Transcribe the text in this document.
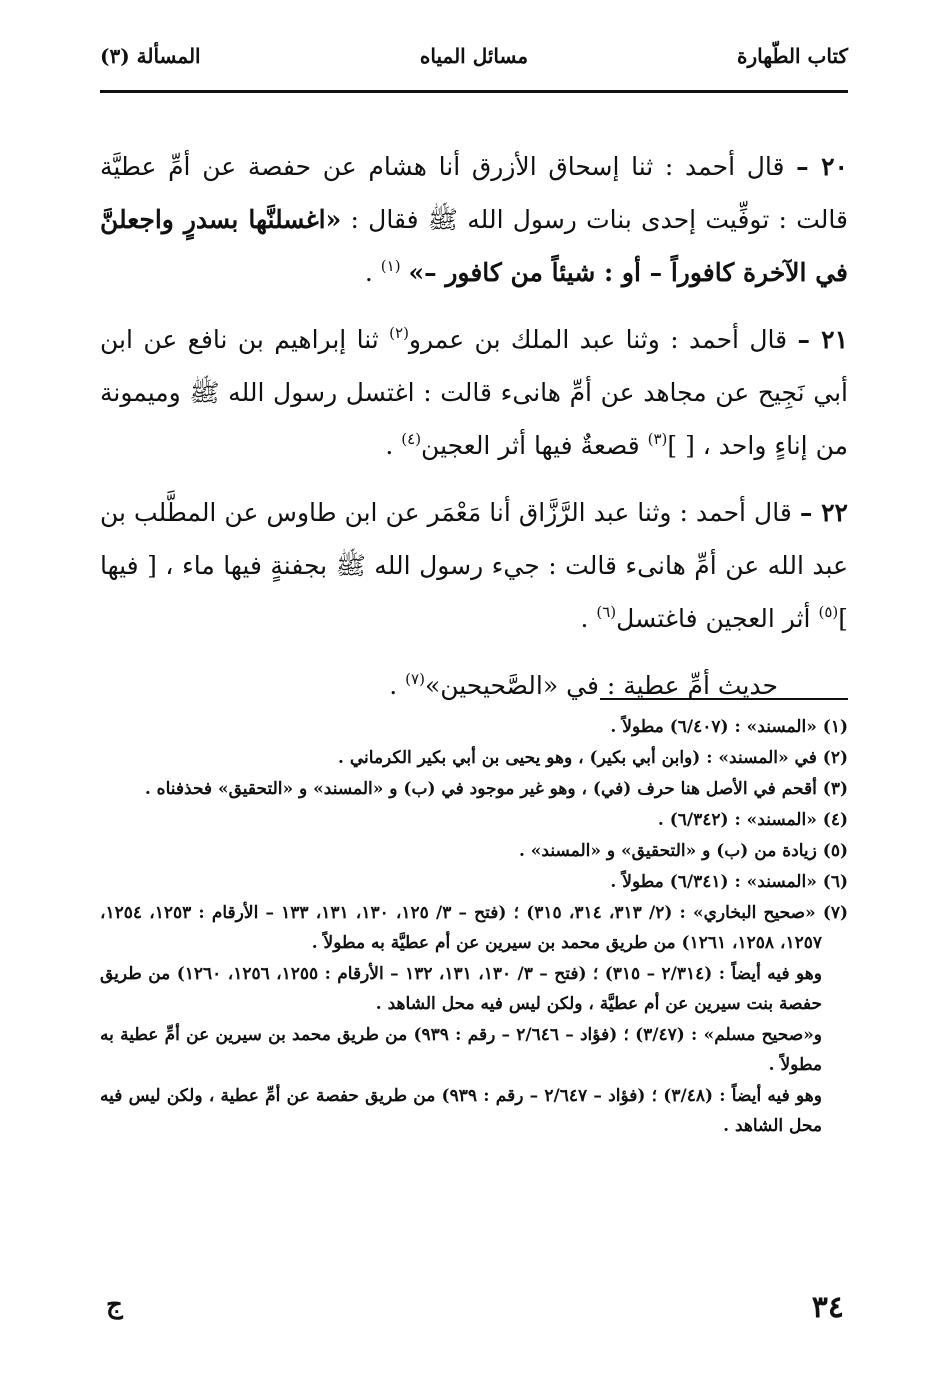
كتاب الطّهارة
مسائل المياه
المسألة (٣)

٢٠ – قال أحمد : ثنا إسحاق الأزرق أنا هشام عن حفصة عن أمِّ عطيَّة قالت : توفِّيت إحدى بنات رسول الله ﷺ فقال : «اغسلنَّها بسدرٍ واجعلنَّ في الآخرة كافوراً – أو : شيئاً من كافور –» $^{(١)}$ .

٢١ – قال أحمد : وثنا عبد الملك بن عمرو$^{(٢)}$ ثنا إبراهيم بن نافع عن ابن أبي نَجِيح عن مجاهد عن أمِّ هانىء قالت : اغتسل رسول الله ﷺ وميمونة من إناءٍ واحد ، [ ]$^{(٣)}$ قصعةٌ فيها أثر العجين$^{(٤)}$ .

٢٢ – قال أحمد : وثنا عبد الرَّزَّاق أنا مَعْمَر عن ابن طاوس عن المطَّلب بن عبد الله عن أمِّ هانىء قالت : جيء رسول الله ﷺ بجفنةٍ فيها ماء ، [ فيها ]$^{(٥)}$ أثر العجين فاغتسل$^{(٦)}$ .

حديث أمِّ عطية : في «الصَّحيحين»$^{(٧)}$ .

(١) «المسند» : (٦/٤٠٧) مطولاً .

(٢) في «المسند» : (وابن أبي بكير) ، وهو يحيى بن أبي بكير الكرماني .

(٣) أقحم في الأصل هنا حرف (في) ، وهو غير موجود في (ب) و «المسند» و «التحقيق» فحذفناه .

(٤) «المسند» : (٦/٣٤٢) .

(٥) زيادة من (ب) و «التحقيق» و «المسند» .

(٦) «المسند» : (٦/٣٤١) مطولاً .

(٧) «صحيح البخاري» : (٢/ ٣١٣، ٣١٤، ٣١٥) ؛ (فتح – ٣/ ١٢٥، ١٣٠، ١٣١، ١٣٣ – الأرقام : ١٢٥٣، ١٢٥٤، ١٢٥٧، ١٢٥٨، ١٢٦١) من طريق محمد بن سيرين عن أم عطيَّة به مطولاً .

وهو فيه أيضاً : (٢/٣١٤ – ٣١٥) ؛ (فتح – ٣/ ١٣٠، ١٣١، ١٣٢ – الأرقام : ١٢٥٥، ١٢٥٦، ١٢٦٠) من طريق حفصة بنت سيرين عن أم عطيَّة ، ولكن ليس فيه محل الشاهد .

و«صحيح مسلم» : (٣/٤٧) ؛ (فؤاد – ٢/٦٤٦ – رقم : ٩٣٩) من طريق محمد بن سيرين عن أمِّ عطية به مطولاً .

وهو فيه أيضاً : (٣/٤٨) ؛ (فؤاد – ٢/٦٤٧ – رقم : ٩٣٩) من طريق حفصة عن أمِّ عطية ، ولكن ليس فيه محل الشاهد .

٣٤
ج
